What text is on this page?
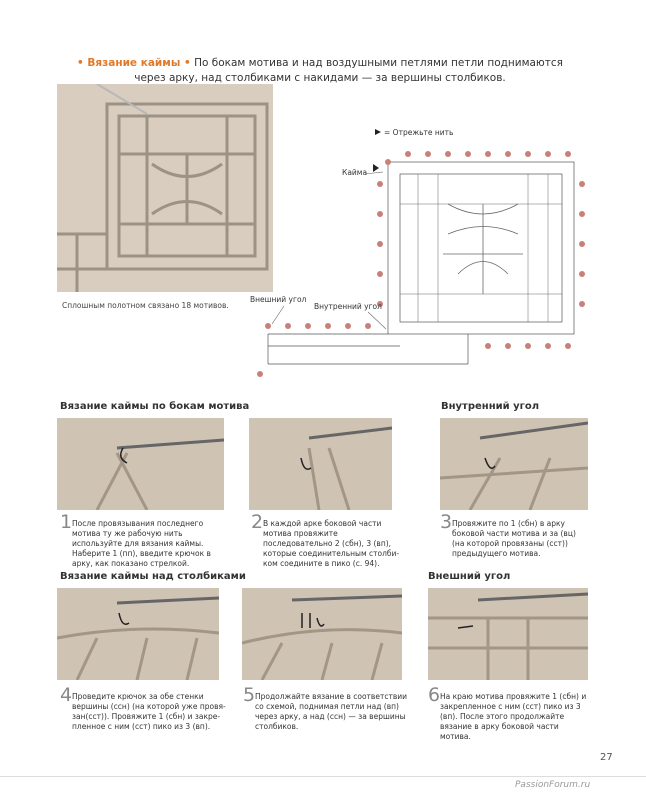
• Вязание каймы • По бокам мотива и над воздушными петлями петли поднимаются через арку, над столбиками с накидами — за вершины столбиков.
Сплошным полотном связано 18 мотивов.
= Отрежьте нить
Кайма
Внешний угол
Внутренний угол
Вязание каймы по бокам мотива	Внутренний угол
Вязание каймы над столбиками	Внешний угол
1 После провязывания последнего мотива ту же рабочую нить используйте для вязания каймы. Наберите 1 (пп), введите крючок в арку, как показано стрелкой.
2 В каждой арке боковой части мотива провяжите последовательно 2 (сбн), 3 (вп), которые соединительным столби- ком соедините в пико (с. 94).
3 Провяжите по 1 (сбн) в арку боковой части мотива и за (вц) (на которой провязаны (сст)) предыдущего мотива.
4 Проведите крючок за обе стенки вершины (ссн) (на которой уже провя- зан(сст)). Провяжите 1 (сбн) и закре- пленное с ним (сст) пико из 3 (вп).
5 Продолжайте вязание в соответствии со схемой, поднимая петли над (вп) через арку, а над (ссн) — за вершины столбиков.
6 На краю мотива провяжите 1 (сбн) и закрепленное с ним (сст) пико из 3 (вп). После этого продолжайте вязание в арку боковой части мотива.
27
PassionForum.ru
